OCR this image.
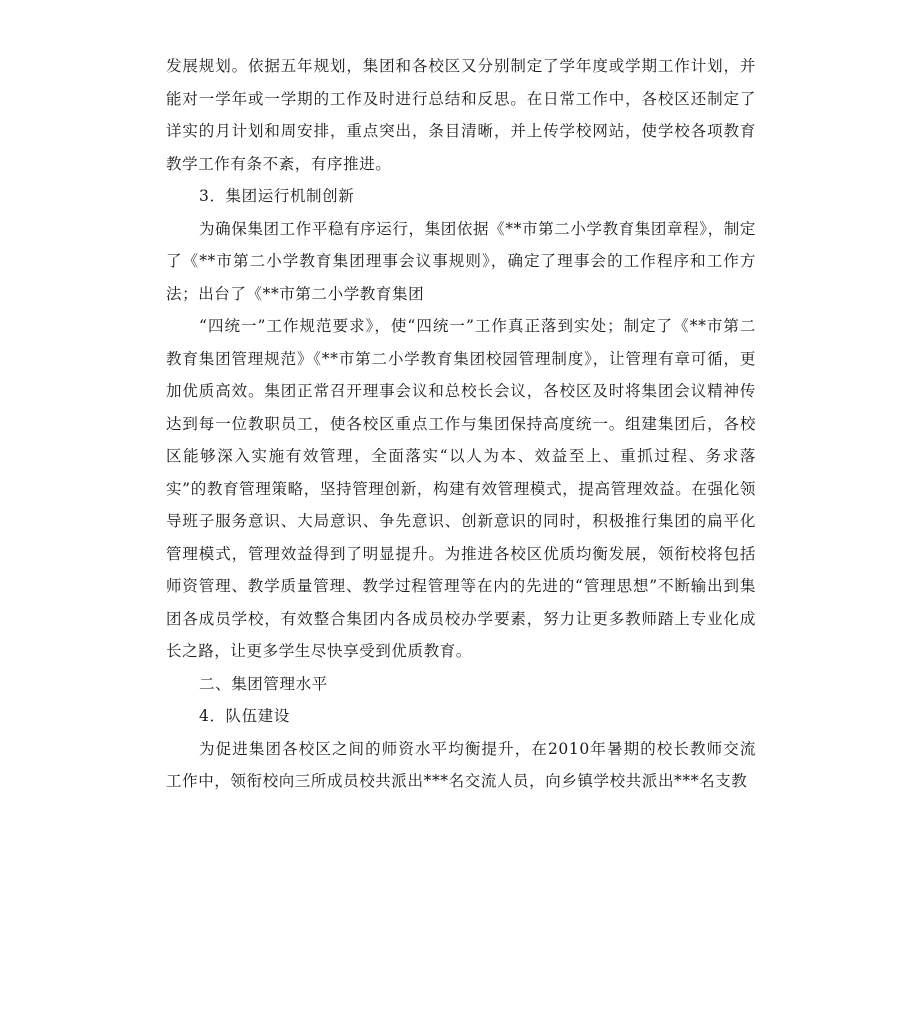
发展规划。依据五年规划，集团和各校区又分别制定了学年度或学期工作计划，并能对一学年或一学期的工作及时进行总结和反思。在日常工作中，各校区还制定了详实的月计划和周安排，重点突出，条目清晰，并上传学校网站，使学校各项教育教学工作有条不紊，有序推进。

3．集团运行机制创新

为确保集团工作平稳有序运行，集团依据《**市第二小学教育集团章程》，制定了《**市第二小学教育集团理事会议事规则》，确定了理事会的工作程序和工作方法；出台了《**市第二小学教育集团

“四统一”工作规范要求》，使“四统一”工作真正落到实处；制定了《**市第二教育集团管理规范》《**市第二小学教育集团校园管理制度》，让管理有章可循，更加优质高效。集团正常召开理事会议和总校长会议，各校区及时将集团会议精神传达到每一位教职员工，使各校区重点工作与集团保持高度统一。组建集团后，各校区能够深入实施有效管理，全面落实“以人为本、效益至上、重抓过程、务求落实”的教育管理策略，坚持管理创新，构建有效管理模式，提高管理效益。在强化领导班子服务意识、大局意识、争先意识、创新意识的同时，积极推行集团的扁平化管理模式，管理效益得到了明显提升。为推进各校区优质均衡发展，领衔校将包括师资管理、教学质量管理、教学过程管理等在内的先进的“管理思想”不断输出到集团各成员学校，有效整合集团内各成员校办学要素，努力让更多教师踏上专业化成长之路，让更多学生尽快享受到优质教育。

二、集团管理水平

4．队伍建设

为促进集团各校区之间的师资水平均衡提升，在2010年暑期的校长教师交流工作中，领衔校向三所成员校共派出***名交流人员，向乡镇学校共派出***名支教
